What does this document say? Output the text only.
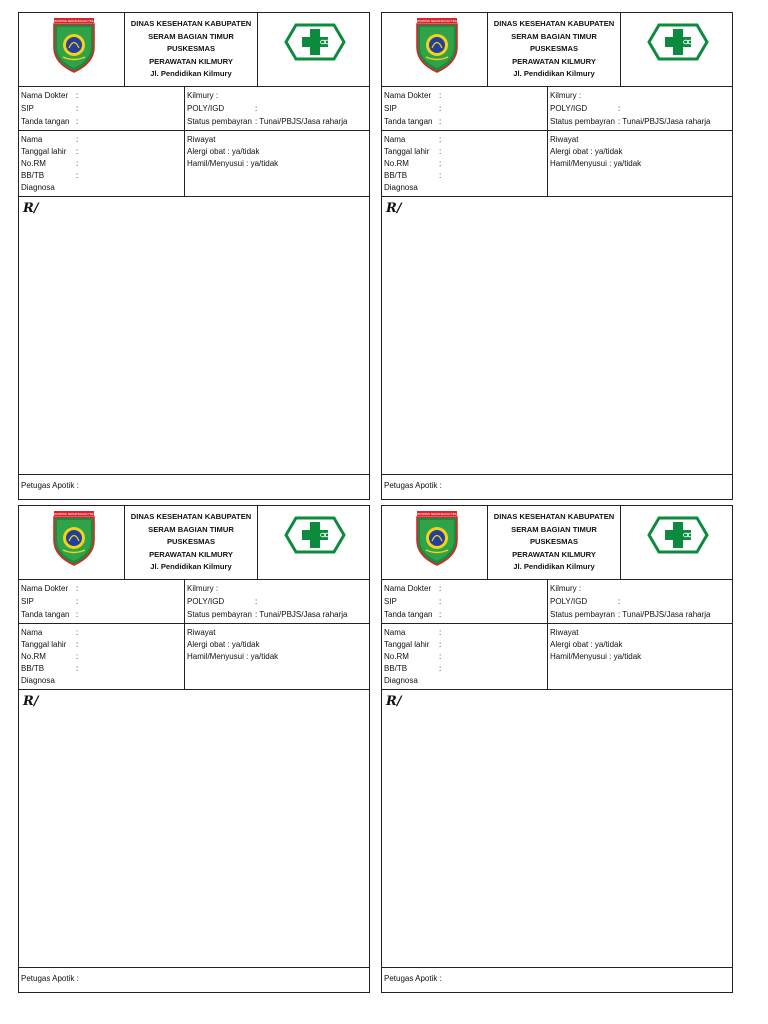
KABUPATEN SERAM BAGIAN TIMUR	DINAS KESEHATAN KABUPATEN
SERAM BAGIAN TIMUR PUSKESMAS
PERAWATAN KILMURY
Jl. Pendidikan Kilmury
Nama Dokter :
SIP	:
Tanda tangan :
Kilmury :
POLY/IGD	:
Status pembayran : Tunai/PBJS/Jasa raharja
Nama	:
Tanggal lahir :
No.RM	:
BB/TB	:
Diagnosa
Riwayat
Alergi obat : ya/tidak
Hamil/Menyusui : ya/tidak
R/
Petugas Apotik :
KABUPATEN SERAM BAGIAN TIMUR	DINAS KESEHATAN KABUPATEN
SERAM BAGIAN TIMUR PUSKESMAS
PERAWATAN KILMURY
Jl. Pendidikan Kilmury
Nama Dokter :
SIP	:
Tanda tangan :
Kilmury :
POLY/IGD	:
Status pembayran : Tunai/PBJS/Jasa raharja
Nama	:
Tanggal lahir :
No.RM	:
BB/TB	:
Diagnosa
Riwayat
Alergi obat : ya/tidak
Hamil/Menyusui : ya/tidak
R/
Petugas Apotik :
KABUPATEN SERAM BAGIAN TIMUR	DINAS KESEHATAN KABUPATEN
SERAM BAGIAN TIMUR PUSKESMAS
PERAWATAN KILMURY
Jl. Pendidikan Kilmury
Nama Dokter :
SIP	:
Tanda tangan :
Kilmury :
POLY/IGD	:
Status pembayran : Tunai/PBJS/Jasa raharja
Nama	:
Tanggal lahir :
No.RM	:
BB/TB	:
Diagnosa
Riwayat
Alergi obat : ya/tidak
Hamil/Menyusui : ya/tidak
R/
Petugas Apotik :
KABUPATEN SERAM BAGIAN TIMUR	DINAS KESEHATAN KABUPATEN
SERAM BAGIAN TIMUR PUSKESMAS
PERAWATAN KILMURY
Jl. Pendidikan Kilmury
Nama Dokter :
SIP	:
Tanda tangan :
Kilmury :
POLY/IGD	:
Status pembayran : Tunai/PBJS/Jasa raharja
Nama	:
Tanggal lahir :
No.RM	:
BB/TB	:
Diagnosa
Riwayat
Alergi obat : ya/tidak
Hamil/Menyusui : ya/tidak
R/
Petugas Apotik :
